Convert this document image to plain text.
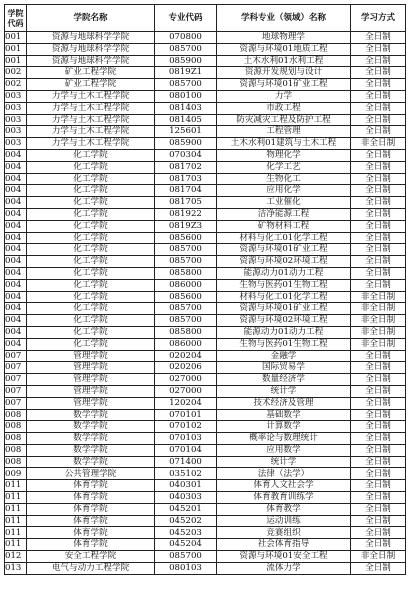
学院代码	学院名称	专业代码	学科专业（领域）名称	学习方式
001	资源与地球科学学院	070800	地球物理学	全日制
001	资源与地球科学学院	085700	资源与环境01地质工程	全日制
001	资源与地球科学学院	085900	土木水利01水利工程	全日制
002	矿业工程学院	0819Z1	资源开发规划与设计	全日制
002	矿业工程学院	085700	资源与环境01矿业工程	全日制
003	力学与土木工程学院	080100	力学	全日制
003	力学与土木工程学院	081403	市政工程	全日制
003	力学与土木工程学院	081405	防灾减灾工程及防护工程	全日制
003	力学与土木工程学院	125601	工程管理	全日制
003	力学与土木工程学院	085900	土木水利01建筑与土木工程	非全日制
004	化工学院	070304	物理化学	全日制
004	化工学院	081702	化学工艺	全日制
004	化工学院	081703	生物化工	全日制
004	化工学院	081704	应用化学	全日制
004	化工学院	081705	工业催化	全日制
004	化工学院	081922	洁净能源工程	全日制
004	化工学院	0819Z3	矿物材料工程	全日制
004	化工学院	085600	材料与化工01化学工程	全日制
004	化工学院	085700	资源与环境01矿业工程	全日制
004	化工学院	085700	资源与环境02环境工程	全日制
004	化工学院	085800	能源动力01动力工程	全日制
004	化工学院	086000	生物与医药01生物工程	全日制
004	化工学院	085600	材料与化工01化学工程	非全日制
004	化工学院	085700	资源与环境01矿业工程	非全日制
004	化工学院	085700	资源与环境02环境工程	非全日制
004	化工学院	085800	能源动力01动力工程	非全日制
004	化工学院	086000	生物与医药01生物工程	非全日制
007	管理学院	020204	金融学	全日制
007	管理学院	020206	国际贸易学	全日制
007	管理学院	027000	数量经济学	全日制
007	管理学院	027000	统计学	全日制
007	管理学院	120204	技术经济及管理	全日制
008	数学学院	070101	基础数学	全日制
008	数学学院	070102	计算数学	全日制
008	数学学院	070103	概率论与数理统计	全日制
008	数学学院	070104	应用数学	全日制
008	数学学院	071400	统计学	全日制
009	公共管理学院	035102	法律（法学）	全日制
011	体育学院	040301	体育人文社会学	全日制
011	体育学院	040303	体育教育训练学	全日制
011	体育学院	045201	体育教学	全日制
011	体育学院	045202	运动训练	全日制
011	体育学院	045203	竞赛组织	全日制
011	体育学院	045204	社会体育指导	全日制
012	安全工程学院	085700	资源与环境01安全工程	非全日制
013	电气与动力工程学院	080103	流体力学	全日制
